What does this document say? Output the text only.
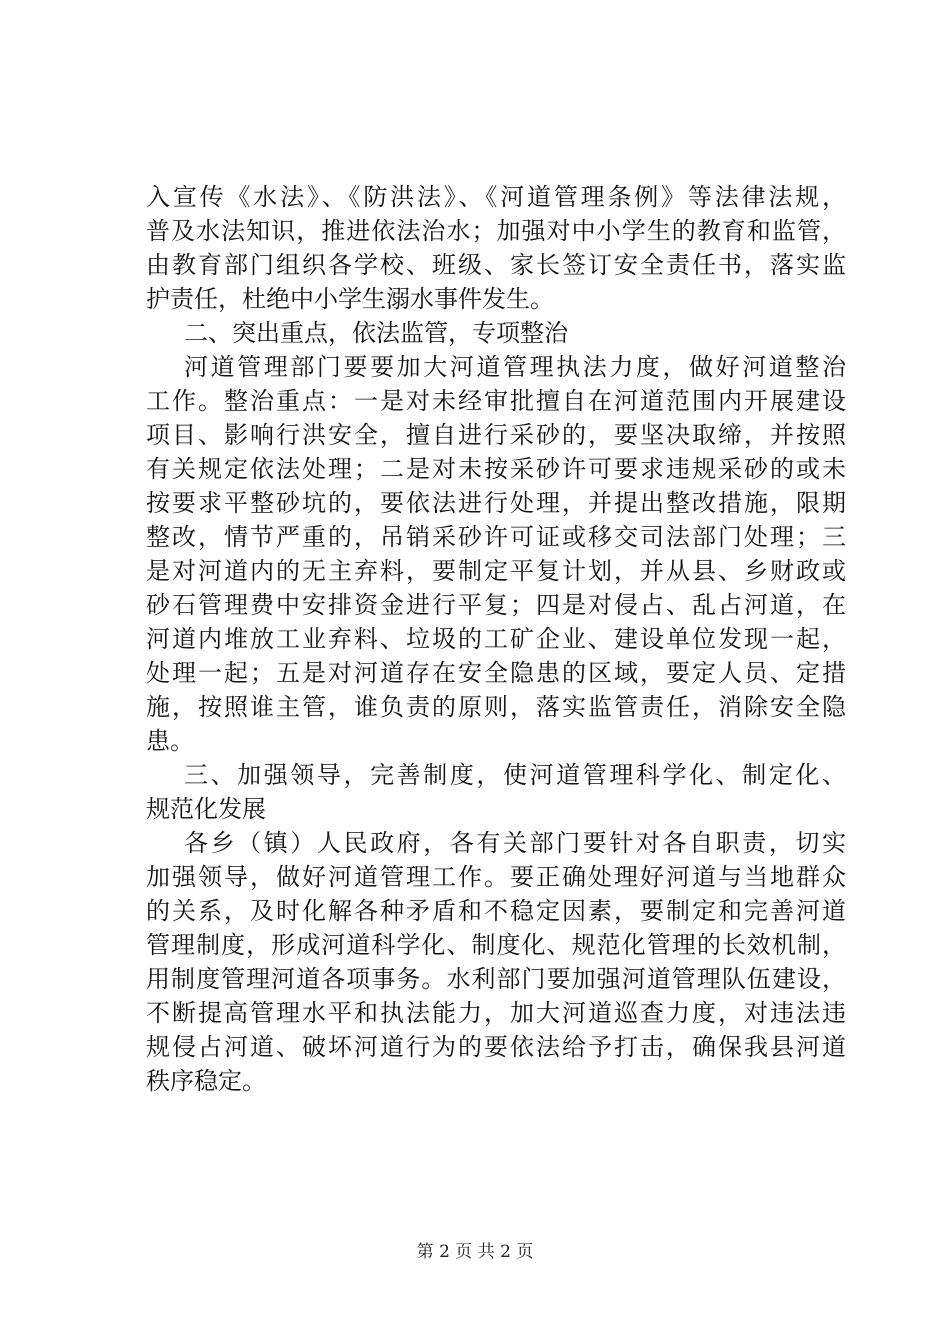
入宣传《水法》、《防洪法》、《河道管理条例》等法律法规，
普及水法知识，推进依法治水；加强对中小学生的教育和监管，
由教育部门组织各学校、班级、家长签订安全责任书，落实监
护责任，杜绝中小学生溺水事件发生。
二、突出重点，依法监管，专项整治
河道管理部门要要加大河道管理执法力度，做好河道整治
工作。整治重点：一是对未经审批擅自在河道范围内开展建设
项目、影响行洪安全，擅自进行采砂的，要坚决取缔，并按照
有关规定依法处理；二是对未按采砂许可要求违规采砂的或未
按要求平整砂坑的，要依法进行处理，并提出整改措施，限期
整改，情节严重的，吊销采砂许可证或移交司法部门处理；三
是对河道内的无主弃料，要制定平复计划，并从县、乡财政或
砂石管理费中安排资金进行平复；四是对侵占、乱占河道，在
河道内堆放工业弃料、垃圾的工矿企业、建设单位发现一起，
处理一起；五是对河道存在安全隐患的区域，要定人员、定措
施，按照谁主管，谁负责的原则，落实监管责任，消除安全隐
患。
三、加强领导，完善制度，使河道管理科学化、制定化、
规范化发展
各乡（镇）人民政府，各有关部门要针对各自职责，切实
加强领导，做好河道管理工作。要正确处理好河道与当地群众
的关系，及时化解各种矛盾和不稳定因素，要制定和完善河道
管理制度，形成河道科学化、制度化、规范化管理的长效机制，
用制度管理河道各项事务。水利部门要加强河道管理队伍建设，
不断提高管理水平和执法能力，加大河道巡查力度，对违法违
规侵占河道、破坏河道行为的要依法给予打击，确保我县河道
秩序稳定。
第 2 页 共 2 页
